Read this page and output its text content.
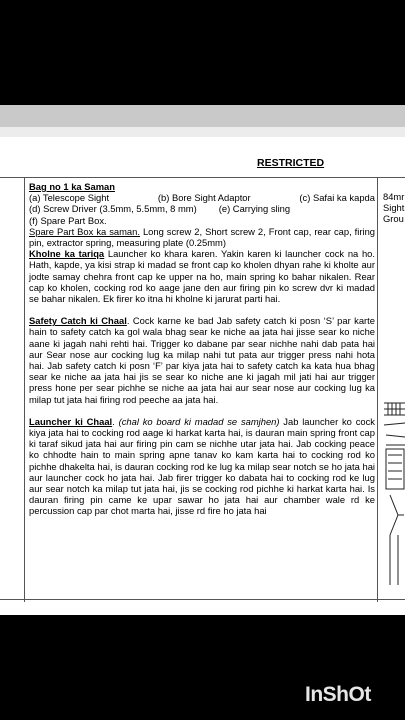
RESTRICTED

Bag no 1 ka Saman

(a) Telescope Sight	(b) Bore Sight Adaptor	(c) Safai ka kapda
(d) Screw Driver (3.5mm, 5.5mm, 8 mm) (e) Carrying sling

(f) Spare Part Box.

Spare Part Box ka saman. Long screw 2, Short screw 2, Front cap, rear cap, firing pin, extractor spring, measuring plate (0.25mm)

Kholne ka tariqa Launcher ko khara karen. Yakin karen ki launcher cock na ho. Hath, kapde, ya kisi strap ki madad se front cap ko kholen dhyan rahe ki kholte aur jodte samay chehra front cap ke upper na ho, main spring ko bahar nikalen. Rear cap ko kholen, cocking rod ko aage jane den aur firing pin ko screw dvr ki madad se bahar nikalen. Ek firer ko itna hi kholne ki jarurat parti hai.

Safety Catch ki Chaal. Cock karne ke bad Jab safety catch ki posn ‘S’ par karte hain to safety catch ka gol wala bhag sear ke niche aa jata hai jisse sear ko niche aane ki jagah nahi rehti hai. Trigger ko dabane par sear nichhe nahi dab pata hai aur Sear nose aur cocking lug ka milap nahi tut pata aur trigger press nahi hota hai. Jab safety catch ki posn ‘F’ par kiya jata hai to safety catch ka kata hua bhag sear ke niche aa jata hai jis se sear ko niche ane ki jagah mil jati hai aur trigger press hone per sear pichhe se niche aa jata hai aur sear nose aur cocking lug ka milap tut jata hai firing rod peeche aa jata hai.

Launcher ki Chaal. (chal ko board ki madad se samjhen) Jab launcher ko cock kiya jata hai to cocking rod aage ki harkat karta hai, is dauran main spring front cap ki taraf sikud jata hai aur firing pin cam se nichhe utar jata hai. Jab cocking peace ko chhodte hain to main spring apne tanav ko kam karta hai to cocking rod ko pichhe dhakelta hai, is dauran cocking rod ke lug ka milap sear notch se ho jata hai aur launcher cock ho jata hai. Jab firer trigger ko dabata hai to cocking rod ke lug aur sear notch ka milap tut jata hai, jis se cocking rod pichhe ki harkat karta hai. Is dauran firing pin came ke upar sawar ho jata hai aur chamber wale rd ke percussion cap par chot marta hai, jisse rd fire ho jata hai

84mr
Sight
Grou
InShOt
